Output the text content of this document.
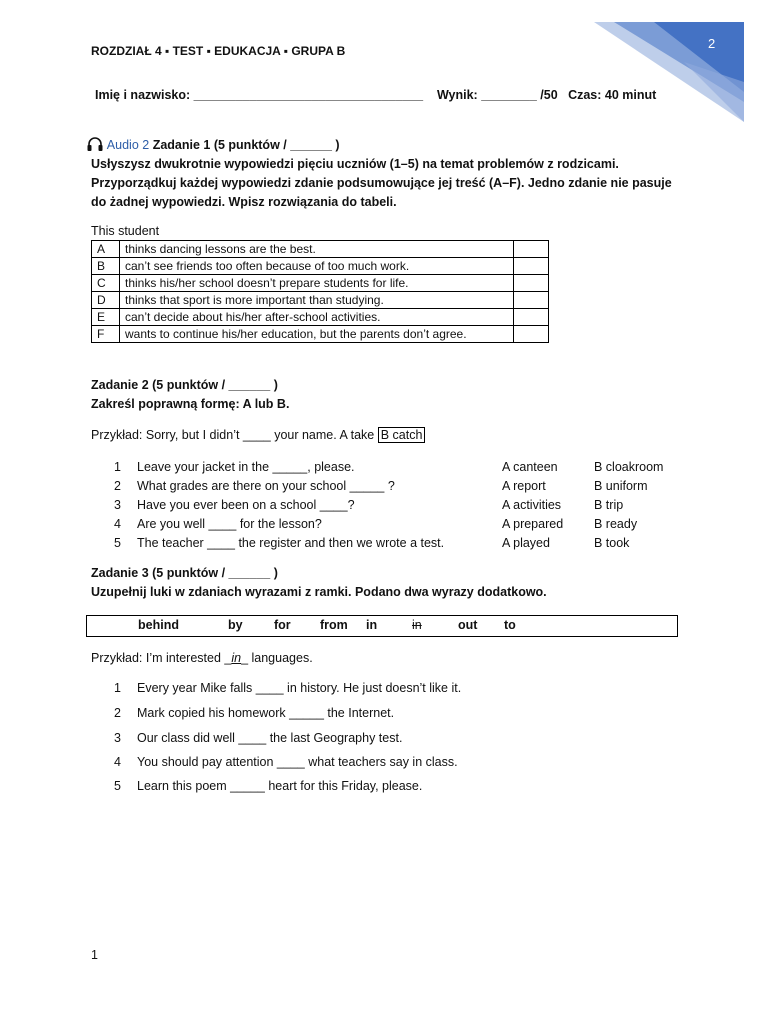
2
ROZDZIAŁ 4 ▪ TEST ▪ EDUKACJA ▪ GRUPA B
Imię i nazwisko: _________________________________ Wynik: ________ /50 Czas: 40 minut
Audio 2 Zadanie 1 (5 punktów / ______ )
Usłyszysz dwukrotnie wypowiedzi pięciu uczniów (1–5) na temat problemów z rodzicami.
Przyporządkuj każdej wypowiedzi zdanie podsumowujące jej treść (A–F). Jedno zdanie nie pasuje
do żadnej wypowiedzi. Wpisz rozwiązania do tabeli.
This student
A	thinks dancing lessons are the best.	
B	can’t see friends too often because of too much work.	
C	thinks his/her school doesn’t prepare students for life.	
D	thinks that sport is more important than studying.	
E	can’t decide about his/her after-school activities.	
F	wants to continue his/her education, but the parents don’t agree.	
Zadanie 2 (5 punktów / ______ )
Zakreśl poprawną formę: A lub B.
Przykład: Sorry, but I didn’t ____ your name. A take B catch
1 Leave your jacket in the _____, please.	A canteen	B cloakroom
2 What grades are there on your school _____ ?	A report	B uniform
3 Have you ever been on a school ____?	A activities	B trip
4 Are you well ____ for the lesson?	A prepared B ready
5 The teacher ____ the register and then we wrote a test.	A played	B took
Zadanie 3 (5 punktów / ______ )
Uzupełnij luki w zdaniach wyrazami z ramki. Podano dwa wyrazy dodatkowo.
behind	by	for from in	in	out to
Przykład: I’m interested _in_ languages.
1 Every year Mike falls ____ in history. He just doesn’t like it.
2 Mark copied his homework _____ the Internet.
3 Our class did well ____ the last Geography test.
4 You should pay attention ____ what teachers say in class.
5 Learn this poem _____ heart for this Friday, please.
1
